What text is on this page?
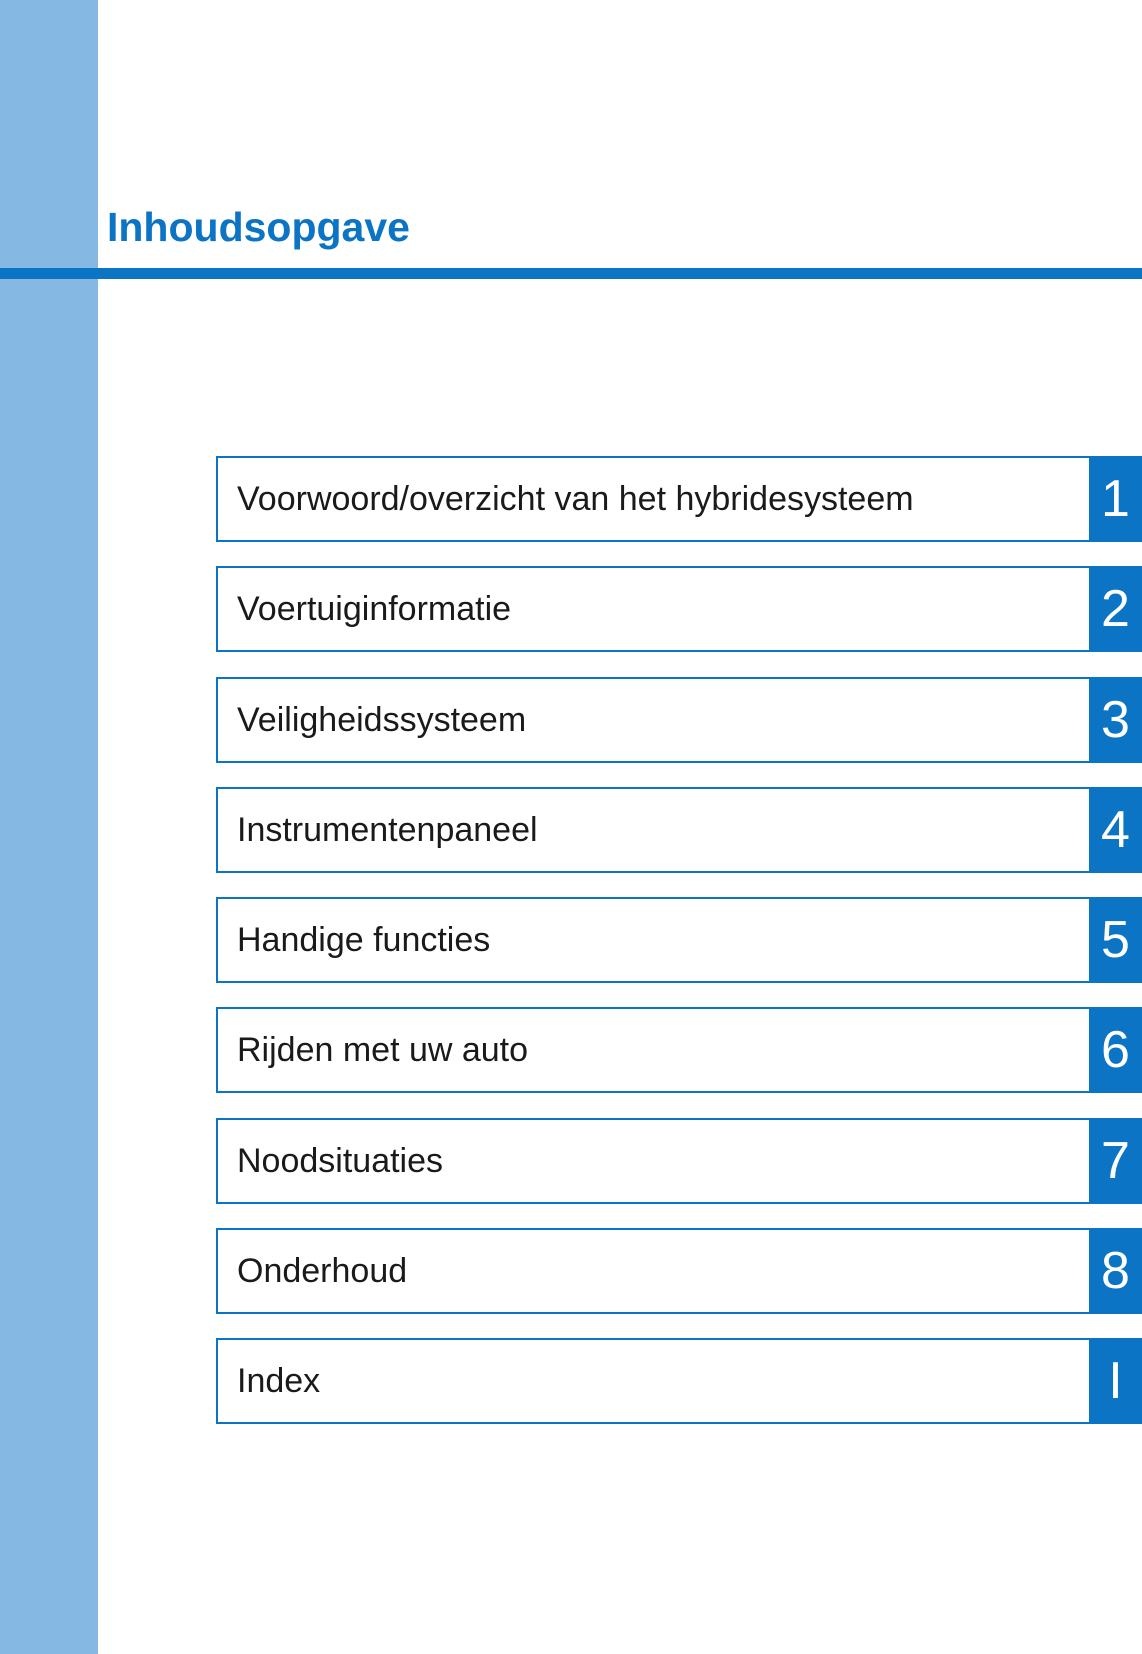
Inhoudsopgave
Voorwoord/overzicht van het hybridesysteem	1
Voertuiginformatie	2
Veiligheidssysteem	3
Instrumentenpaneel	4
Handige functies	5
Rijden met uw auto	6
Noodsituaties	7
Onderhoud	8
Index	I
